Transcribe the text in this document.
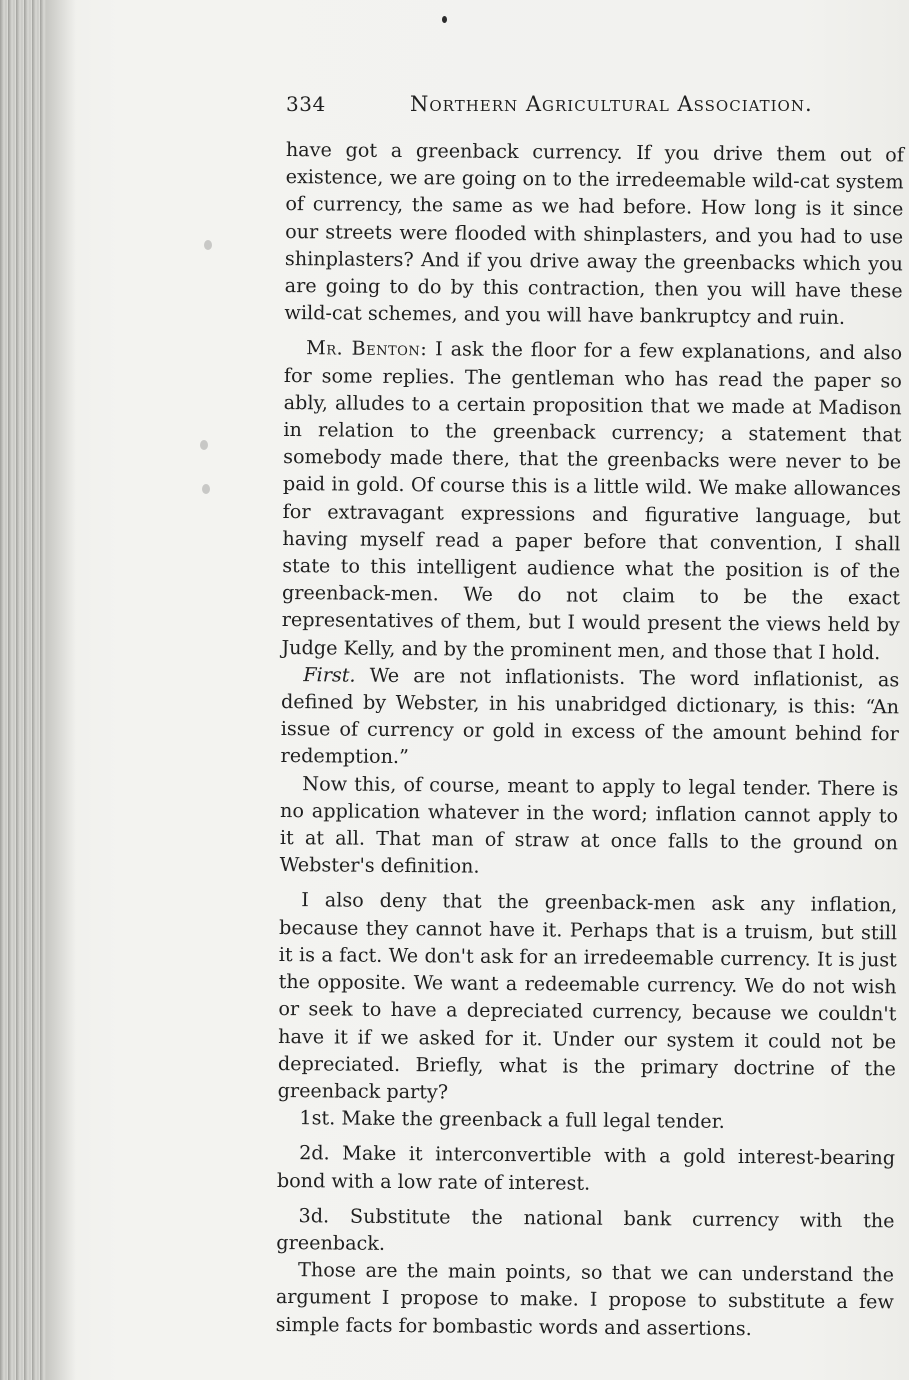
334	Northern Agricultural Association.

have got a greenback currency. If you drive them out of existence, we are going on to the irredeemable wild-cat system of currency, the same as we had before. How long is it since our streets were flooded with shinplasters, and you had to use shinplasters? And if you drive away the greenbacks which you are going to do by this contraction, then you will have these wild-cat schemes, and you will have bankruptcy and ruin.

Mr. Benton: I ask the floor for a few explanations, and also for some replies. The gentleman who has read the paper so ably, alludes to a certain proposition that we made at Madison in relation to the greenback currency; a statement that somebody made there, that the greenbacks were never to be paid in gold. Of course this is a little wild. We make allowances for extravagant expressions and figurative language, but having myself read a paper before that convention, I shall state to this intelligent audience what the position is of the greenback-men. We do not claim to be the exact representatives of them, but I would present the views held by Judge Kelly, and by the prominent men, and those that I hold.

First. We are not inflationists. The word inflationist, as defined by Webster, in his unabridged dictionary, is this: “An issue of currency or gold in excess of the amount behind for redemption.”

Now this, of course, meant to apply to legal tender. There is no application whatever in the word; inflation cannot apply to it at all. That man of straw at once falls to the ground on Webster's definition.

I also deny that the greenback-men ask any inflation, because they cannot have it. Perhaps that is a truism, but still it is a fact. We don't ask for an irredeemable currency. It is just the opposite. We want a redeemable currency. We do not wish or seek to have a depreciated currency, because we couldn't have it if we asked for it. Under our system it could not be depreciated. Briefly, what is the primary doctrine of the greenback party?

1st. Make the greenback a full legal tender.

2d. Make it interconvertible with a gold interest-bearing bond with a low rate of interest.

3d. Substitute the national bank currency with the greenback.

Those are the main points, so that we can understand the argument I propose to make. I propose to substitute a few simple facts for bombastic words and assertions.
